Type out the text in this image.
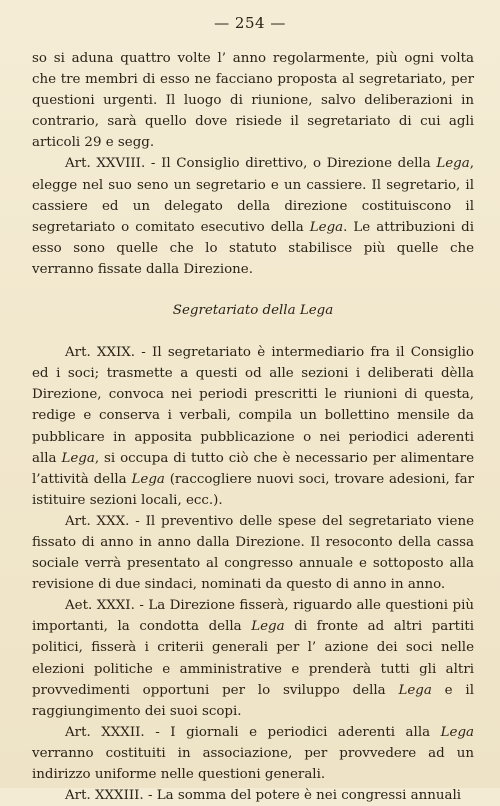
— 254 —

so si aduna quattro volte l’ anno regolarmente, più ogni volta che tre membri di esso ne facciano proposta al segretariato, per questioni urgenti. Il luogo di riunione, salvo deliberazioni in contrario, sarà quello dove risiede il segretariato di cui agli articoli 29 e segg.

Art. XXVIII. - Il Consiglio direttivo, o Direzione della Lega, elegge nel suo seno un segretario e un cassiere. Il segretario, il cassiere ed un delegato della direzione costituiscono il segretariato o comitato esecutivo della Lega. Le attribuzioni di esso sono quelle che lo statuto stabilisce più quelle che verranno fissate dalla Direzione.

Segretariato della Lega

Art. XXIX. - Il segretariato è intermediario fra il Consiglio ed i soci; trasmette a questi od alle sezioni i deliberati dèlla Direzione, convoca nei periodi prescritti le riunioni di questa, redige e conserva i verbali, compila un bollettino mensile da pubblicare in apposita pubblicazione o nei periodici aderenti alla Lega, si occupa di tutto ciò che è necessario per alimentare l’attività della Lega (raccogliere nuovi soci, trovare adesioni, far istituire sezioni locali, ecc.).

Art. XXX. - Il preventivo delle spese del segretariato viene fissato di anno in anno dalla Direzione. Il resoconto della cassa sociale verrà presentato al congresso annuale e sottoposto alla revisione di due sindaci, nominati da questo di anno in anno.

Aet. XXXI. - La Direzione fisserà, riguardo alle questioni più importanti, la condotta della Lega di fronte ad altri partiti politici, fisserà i criterii generali per l’ azione dei soci nelle elezioni politiche e amministrative e prenderà tutti gli altri provvedimenti opportuni per lo sviluppo della Lega e il raggiungimento dei suoi scopi.

Art. XXXII. - I giornali e periodici aderenti alla Lega verranno costituiti in associazione, per provvedere ad un indirizzo uniforme nelle questioni generali.

Art. XXXIII. - La somma del potere è nei congressi annuali
